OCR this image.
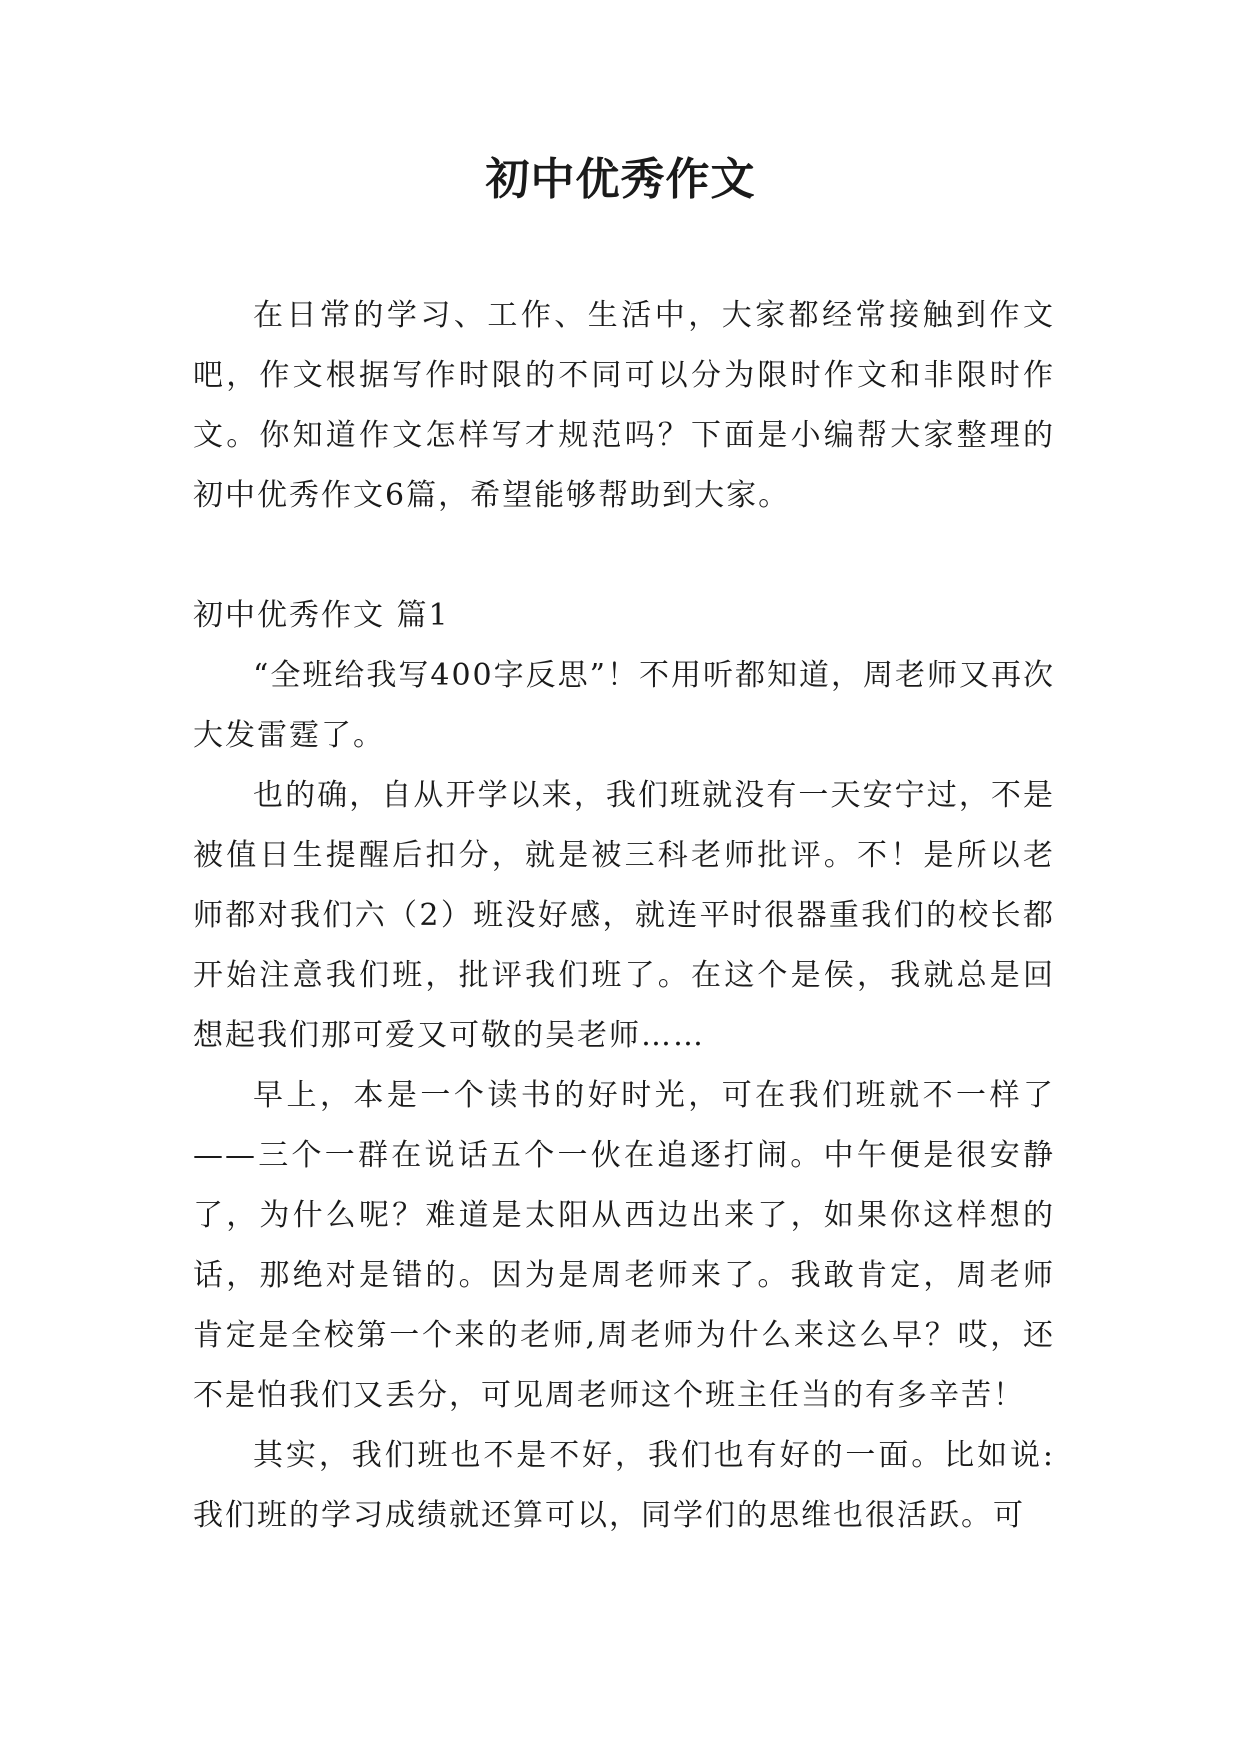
初中优秀作文

在日常的学习、工作、生活中，大家都经常接触到作文吧，作文根据写作时限的不同可以分为限时作文和非限时作文。你知道作文怎样写才规范吗？下面是小编帮大家整理的初中优秀作文6篇，希望能够帮助到大家。

初中优秀作文 篇1

“全班给我写400字反思”！不用听都知道，周老师又再次大发雷霆了。

也的确，自从开学以来，我们班就没有一天安宁过，不是被值日生提醒后扣分，就是被三科老师批评。不！是所以老师都对我们六（2）班没好感，就连平时很器重我们的校长都开始注意我们班，批评我们班了。在这个是侯，我就总是回想起我们那可爱又可敬的吴老师……

早上，本是一个读书的好时光，可在我们班就不一样了——三个一群在说话五个一伙在追逐打闹。中午便是很安静了，为什么呢？难道是太阳从西边出来了，如果你这样想的话，那绝对是错的。因为是周老师来了。我敢肯定，周老师肯定是全校第一个来的老师,周老师为什么来这么早？哎，还不是怕我们又丢分，可见周老师这个班主任当的有多辛苦！

其实，我们班也不是不好，我们也有好的一面。比如说:我们班的学习成绩就还算可以，同学们的思维也很活跃。可
